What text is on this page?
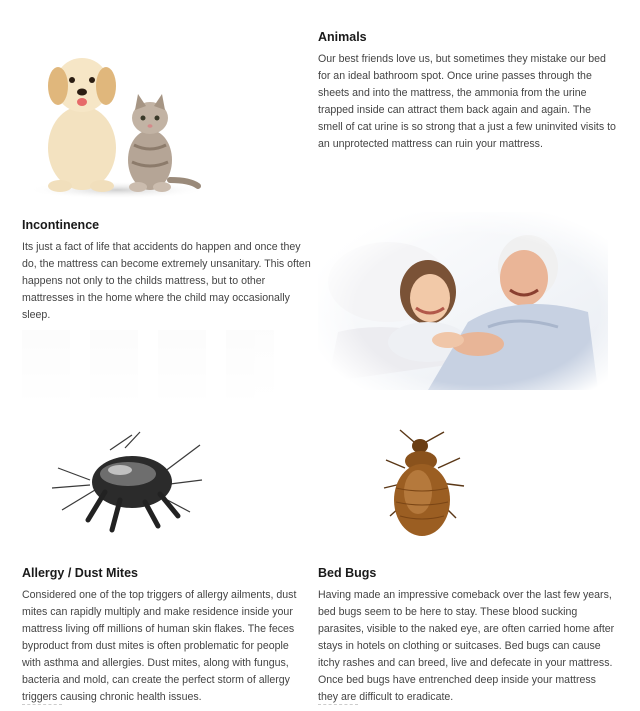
Animals

Our best friends love us, but sometimes they mistake our bed for an ideal bathroom spot. Once urine passes through the sheets and into the mattress, the ammonia from the urine trapped inside can attract them back again and again. The smell of cat urine is so strong that a just a few uninvited visits to an unprotected mattress can ruin your mattress.

Incontinence

Its just a fact of life that accidents do happen and once they do, the mattress can become extremely unsanitary. This often happens not only to the childs mattress, but to other mattresses in the home where the child may occasionally sleep.

Allergy / Dust Mites

Considered one of the top triggers of allergy ailments, dust mites can rapidly multiply and make residence inside your mattress living off millions of human skin flakes. The feces byproduct from dust mites is often problematic for people with asthma and allergies. Dust mites, along with fungus, bacteria and mold, can create the perfect storm of allergy triggers causing chronic health issues.

Bed Bugs

Having made an impressive comeback over the last few years, bed bugs seem to be here to stay. These blood sucking parasites, visible to the naked eye, are often carried home after stays in hotels on clothing or suitcases. Bed bugs can cause itchy rashes and can breed, live and defecate in your mattress. Once bed bugs have entrenched deep inside your mattress they are difficult to eradicate.
